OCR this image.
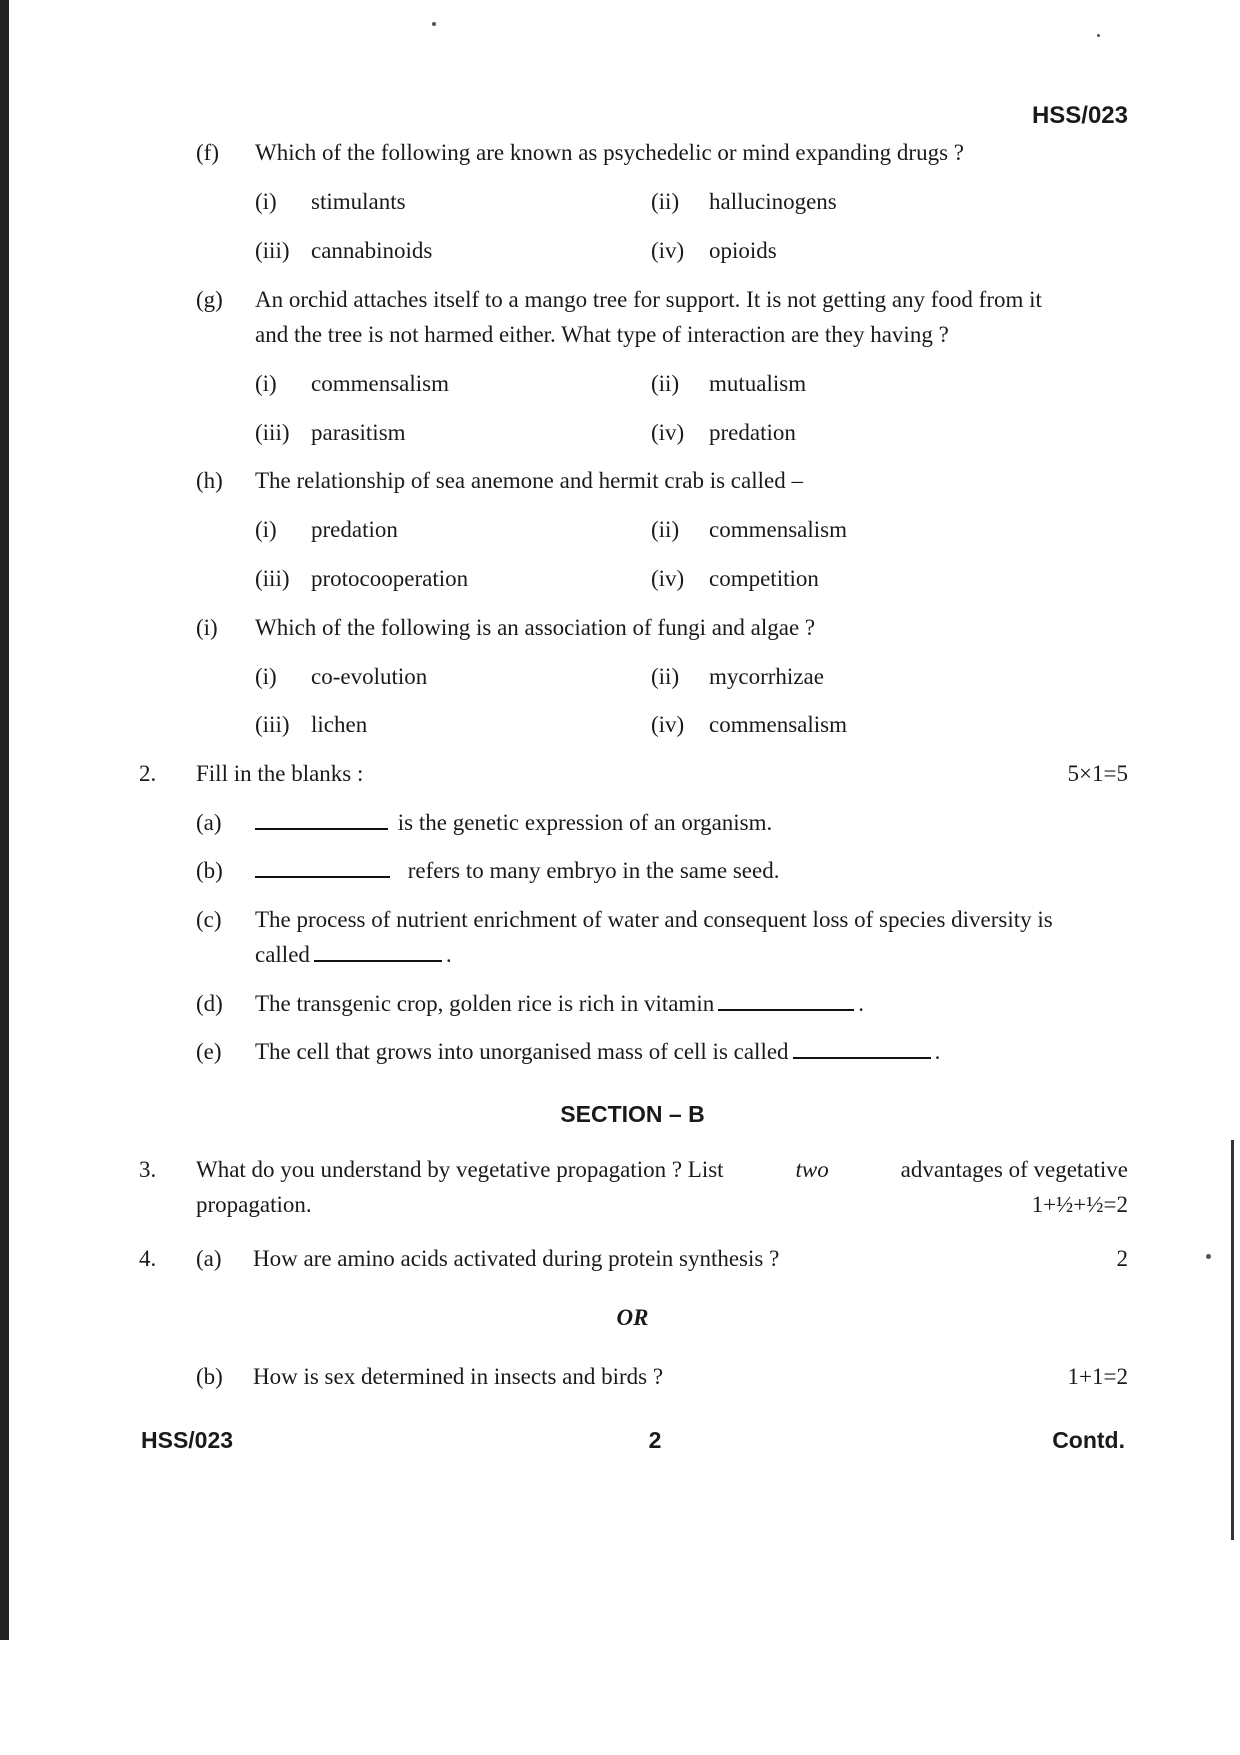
HSS/023
(f) Which of the following are known as psychedelic or mind expanding drugs ?
(i) stimulants	(ii) hallucinogens
(iii) cannabinoids	(iv) opioids
(g) An orchid attaches itself to a mango tree for support. It is not getting any food from it
and the tree is not harmed either. What type of interaction are they having ?
(i) commensalism	(ii) mutualism
(iii) parasitism	(iv) predation
(h) The relationship of sea anemone and hermit crab is called –
(i) predation	(ii) commensalism
(iii) protocooperation	(iv) competition
(i) Which of the following is an association of fungi and algae ?
(i) co-evolution	(ii) mycorrhizae
(iii) lichen	(iv) commensalism
2. Fill in the blanks :	5×1=5
(a)	is the genetic expression of an organism.
(b)	refers to many embryo in the same seed.
(c) The process of nutrient enrichment of water and consequent loss of species diversity is
called	.
(d) The transgenic crop, golden rice is rich in vitamin	.
(e) The cell that grows into unorganised mass of cell is called	.
SECTION – B
3. What do you understand by vegetative propagation ? List	two	advantages of vegetative
propagation.	1+½+½=2
4. (a) How are amino acids activated during protein synthesis ?	2
OR
(b) How is sex determined in insects and birds ?	1+1=2
HSS/023	2	Contd.
